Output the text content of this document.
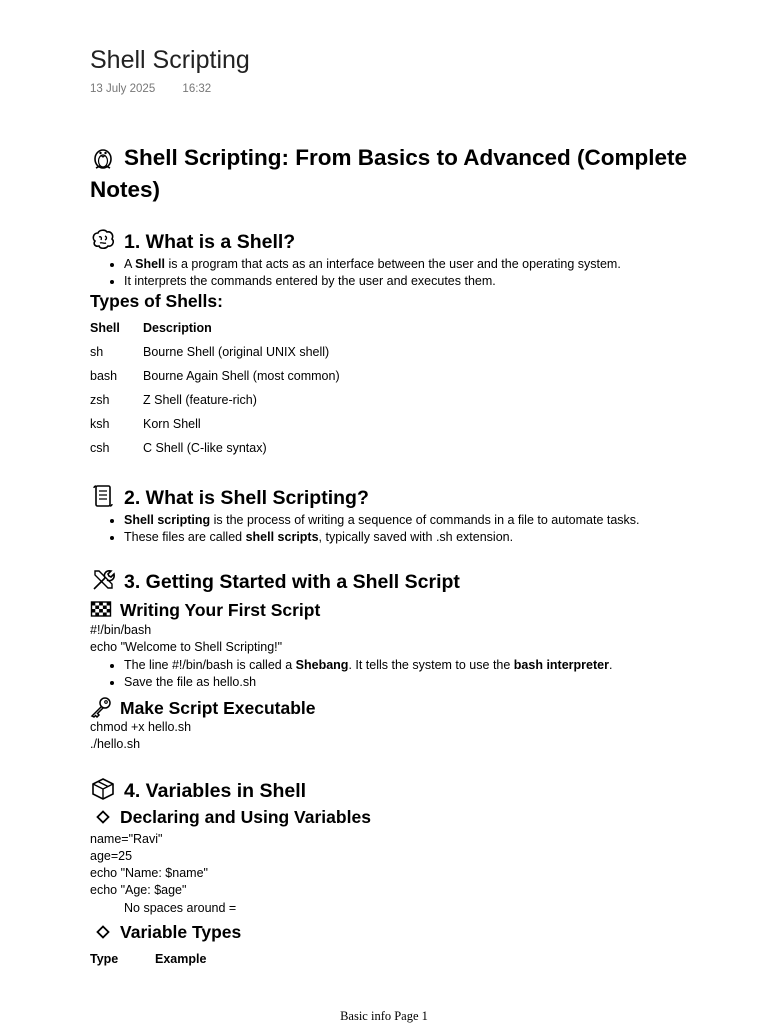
Shell Scripting
13 July 2025 16:32
Shell Scripting: From Basics to Advanced (Complete Notes)
1. What is a Shell?
• A Shell is a program that acts as an interface between the user and the operating system.
• It interprets the commands entered by the user and executes them.
Types of Shells:
Shell	Description
sh	Bourne Shell (original UNIX shell)
bash	Bourne Again Shell (most common)
zsh	Z Shell (feature-rich)
ksh	Korn Shell
csh	C Shell (C-like syntax)
2. What is Shell Scripting?
• Shell scripting is the process of writing a sequence of commands in a file to automate tasks.
• These files are called shell scripts, typically saved with .sh extension.
3. Getting Started with a Shell Script
Writing Your First Script
#!/bin/bash
echo "Welcome to Shell Scripting!"
• The line #!/bin/bash is called a Shebang. It tells the system to use the bash interpreter.
• Save the file as hello.sh
Make Script Executable
chmod +x hello.sh
./hello.sh
4. Variables in Shell
Declaring and Using Variables
name="Ravi"
age=25
echo "Name: $name"
echo "Age: $age"
No spaces around =
Variable Types
Type	Example
Basic info Page 1
